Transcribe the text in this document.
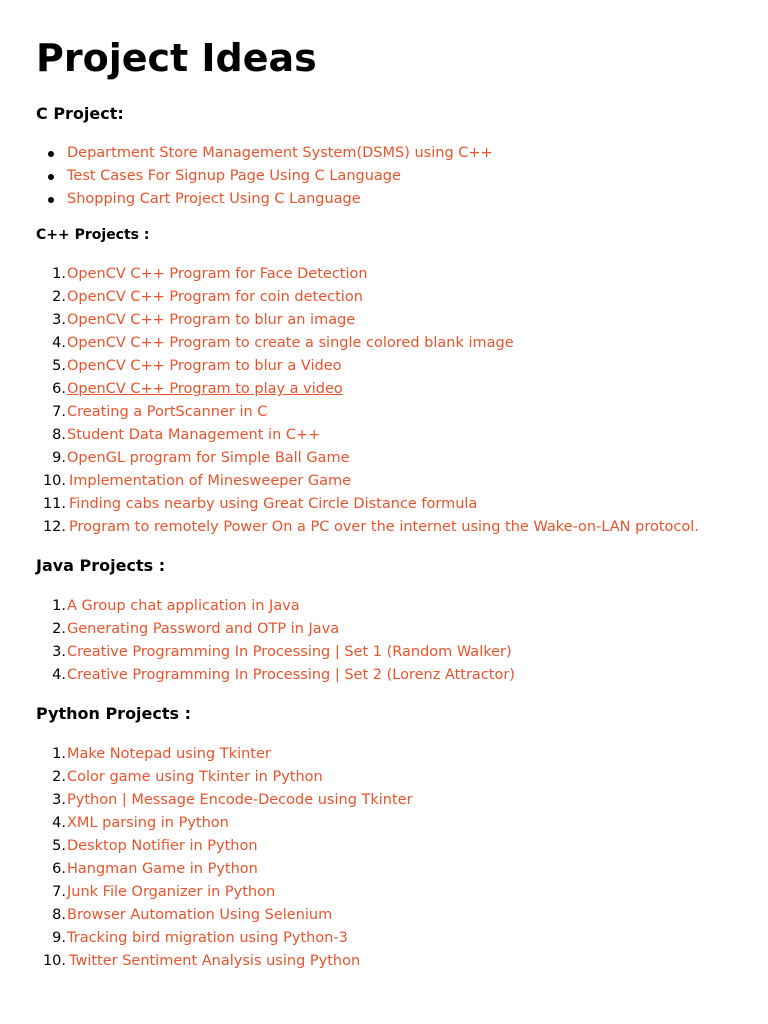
Project Ideas
C Project:
Department Store Management System(DSMS) using C++
Test Cases For Signup Page Using C Language
Shopping Cart Project Using C Language
C++ Projects :
1. OpenCV C++ Program for Face Detection
2. OpenCV C++ Program for coin detection
3. OpenCV C++ Program to blur an image
4. OpenCV C++ Program to create a single colored blank image
5. OpenCV C++ Program to blur a Video
6. OpenCV C++ Program to play a video
7. Creating a PortScanner in C
8. Student Data Management in C++
9. OpenGL program for Simple Ball Game
10. Implementation of Minesweeper Game
11. Finding cabs nearby using Great Circle Distance formula
12. Program to remotely Power On a PC over the internet using the Wake-on-LAN protocol.
Java Projects :
1. A Group chat application in Java
2. Generating Password and OTP in Java
3. Creative Programming In Processing | Set 1 (Random Walker)
4. Creative Programming In Processing | Set 2 (Lorenz Attractor)
Python Projects :
1. Make Notepad using Tkinter
2. Color game using Tkinter in Python
3. Python | Message Encode-Decode using Tkinter
4. XML parsing in Python
5. Desktop Notifier in Python
6. Hangman Game in Python
7. Junk File Organizer in Python
8. Browser Automation Using Selenium
9. Tracking bird migration using Python-3
10. Twitter Sentiment Analysis using Python
